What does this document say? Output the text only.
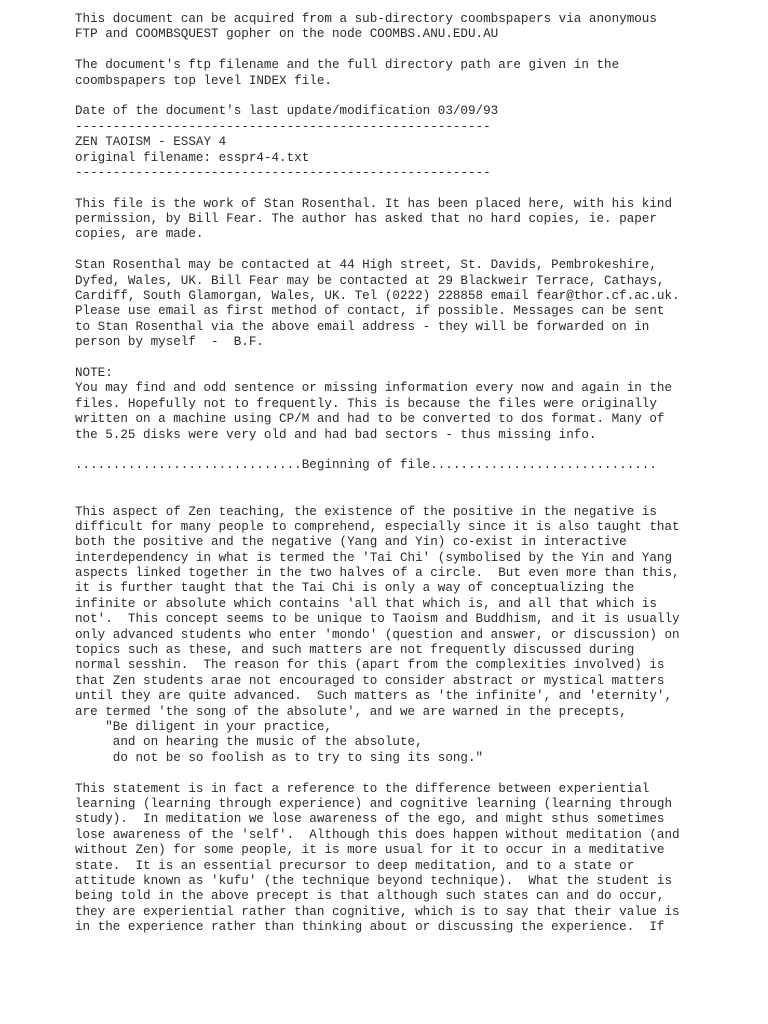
This document can be acquired from a sub-directory coombspapers via anonymous
FTP and COOMBSQUEST gopher on the node COOMBS.ANU.EDU.AU
The document's ftp filename and the full directory path are given in the
coombspapers top level INDEX file.
Date of the document's last update/modification 03/09/93
-------------------------------------------------------
ZEN TAOISM - ESSAY 4
original filename: esspr4-4.txt
-------------------------------------------------------
This file is the work of Stan Rosenthal. It has been placed here, with his kind
permission, by Bill Fear. The author has asked that no hard copies, ie. paper
copies, are made.
Stan Rosenthal may be contacted at 44 High street, St. Davids, Pembrokeshire,
Dyfed, Wales, UK. Bill Fear may be contacted at 29 Blackweir Terrace, Cathays,
Cardiff, South Glamorgan, Wales, UK. Tel (0222) 228858 email fear@thor.cf.ac.uk.
Please use email as first method of contact, if possible. Messages can be sent
to Stan Rosenthal via the above email address - they will be forwarded on in
person by myself  -  B.F.
NOTE:
You may find and odd sentence or missing information every now and again in the
files. Hopefully not to frequently. This is because the files were originally
written on a machine using CP/M and had to be converted to dos format. Many of
the 5.25 disks were very old and had bad sectors - thus missing info.
..............................Beginning of file..............................
This aspect of Zen teaching, the existence of the positive in the negative is
difficult for many people to comprehend, especially since it is also taught that
both the positive and the negative (Yang and Yin) co-exist in interactive
interdependency in what is termed the 'Tai Chi' (symbolised by the Yin and Yang
aspects linked together in the two halves of a circle.  But even more than this,
it is further taught that the Tai Chi is only a way of conceptualizing the
infinite or absolute which contains 'all that which is, and all that which is
not'.  This concept seems to be unique to Taoism and Buddhism, and it is usually
only advanced students who enter 'mondo' (question and answer, or discussion) on
topics such as these, and such matters are not frequently discussed during
normal sesshin.  The reason for this (apart from the complexities involved) is
that Zen students arae not encouraged to consider abstract or mystical matters
until they are quite advanced.  Such matters as 'the infinite', and 'eternity',
are termed 'the song of the absolute', and we are warned in the precepts,
"Be diligent in your practice,
and on hearing the music of the absolute,
do not be so foolish as to try to sing its song."
This statement is in fact a reference to the difference between experiential
learning (learning through experience) and cognitive learning (learning through
study).  In meditation we lose awareness of the ego, and might sthus sometimes
lose awareness of the 'self'.  Although this does happen without meditation (and
without Zen) for some people, it is more usual for it to occur in a meditative
state.  It is an essential precursor to deep meditation, and to a state or
attitude known as 'kufu' (the technique beyond technique).  What the student is
being told in the above precept is that although such states can and do occur,
they are experiential rather than cognitive, which is to say that their value is
in the experience rather than thinking about or discussing the experience.  If
